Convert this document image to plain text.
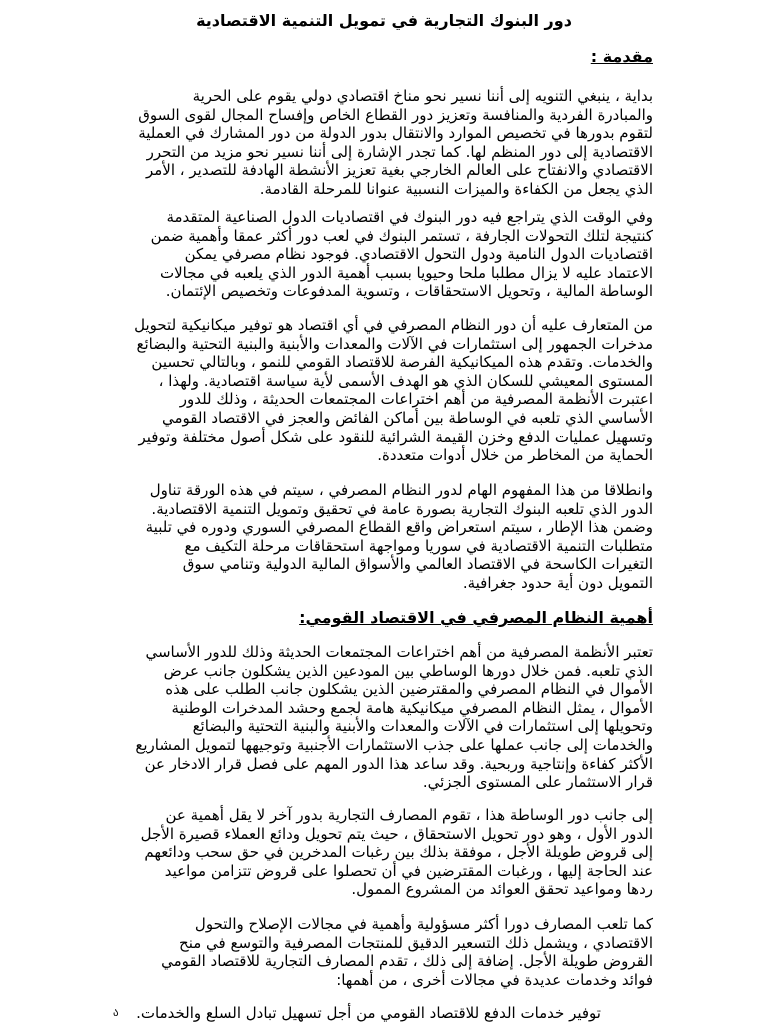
دور البنوك التجارية في تمويل التنمية الاقتصادية
مقدمة :
بداية ، ينبغي التنويه إلى أننا نسير نحو مناخ اقتصادي دولي يقوم على الحرية
والمبادرة الفردية والمنافسة وتعزيز دور القطاع الخاص وإفساح المجال لقوى السوق
لتقوم بدورها في تخصيص الموارد والانتقال بدور الدولة من دور المشارك في العملية
الاقتصادية إلى دور المنظم لها. كما تجدر الإشارة إلى أننا نسير نحو مزيد من التحرر
الاقتصادي والانفتاح على العالم الخارجي بغية تعزيز الأنشطة الهادفة للتصدير ، الأمر
الذي يجعل من الكفاءة والميزات النسبية عنوانا للمرحلة القادمة.
وفي الوقت الذي يتراجع فيه دور البنوك في اقتصاديات الدول الصناعية المتقدمة
كنتيجة لتلك التحولات الجارفة ، تستمر البنوك في لعب دور أكثر عمقا وأهمية ضمن
اقتصاديات الدول النامية ودول التحول الاقتصادي. فوجود نظام مصرفي يمكن
الاعتماد عليه لا يزال مطلبا ملحا وحيويا بسبب أهمية الدور الذي يلعبه في مجالات
الوساطة المالية ، وتحويل الاستحقاقات ، وتسوية المدفوعات وتخصيص الإئتمان.
من المتعارف عليه أن دور النظام المصرفي في أي اقتصاد هو توفير ميكانيكية لتحويل
مدخرات الجمهور إلى استثمارات في الآلات والمعدات والأبنية والبنية التحتية والبضائع
والخدمات. وتقدم هذه الميكانيكية الفرصة للاقتصاد القومي للنمو ، وبالتالي تحسين
المستوى المعيشي للسكان الذي هو الهدف الأسمى لأية سياسة اقتصادية. ولهذا ،
اعتبرت الأنظمة المصرفية من أهم اختراعات المجتمعات الحديثة ، وذلك للدور
الأساسي الذي تلعبه في الوساطة بين أماكن الفائض والعجز في الاقتصاد القومي
وتسهيل عمليات الدفع وخزن القيمة الشرائية للنقود على شكل أصول مختلفة وتوفير
الحماية من المخاطر من خلال أدوات متعددة.
وانطلاقا من هذا المفهوم الهام لدور النظام المصرفي ، سيتم في هذه الورقة تناول
الدور الذي تلعبه البنوك التجارية بصورة عامة في تحقيق وتمويل التنمية الاقتصادية.
وضمن هذا الإطار ، سيتم استعراض واقع القطاع المصرفي السوري ودوره في تلبية
متطلبات التنمية الاقتصادية في سوريا ومواجهة استحقاقات مرحلة التكيف مع
التغيرات الكاسحة في الاقتصاد العالمي والأسواق المالية الدولية وتنامي سوق
التمويل دون أية حدود جغرافية.
أهمية النظام المصرفي في الاقتصاد القومي:
تعتبر الأنظمة المصرفية من أهم اختراعات المجتمعات الحديثة وذلك للدور الأساسي
الذي تلعبه. فمن خلال دورها الوساطي بين المودعين الذين يشكلون جانب عرض
الأموال في النظام المصرفي والمقترضين الذين يشكلون جانب الطلب على هذه
الأموال ، يمثل النظام المصرفي ميكانيكية هامة لجمع وحشد المدخرات الوطنية
وتحويلها إلى استثمارات في الآلات والمعدات والأبنية والبنية التحتية والبضائع
والخدمات إلى جانب عملها على جذب الاستثمارات الأجنبية وتوجيهها لتمويل المشاريع
الأكثر كفاءة وإنتاجية وربحية. وقد ساعد هذا الدور المهم على فصل قرار الادخار عن
قرار الاستثمار على المستوى الجزئي.
إلى جانب دور الوساطة هذا ، تقوم المصارف التجارية بدور آخر لا يقل أهمية عن
الدور الأول ، وهو دور تحويل الاستحقاق ، حيث يتم تحويل ودائع العملاء قصيرة الأجل
إلى قروض طويلة الأجل ، موفقة بذلك بين رغبات المدخرين في حق سحب ودائعهم
عند الحاجة إليها ، ورغبات المقترضين في أن تحصلوا على قروض تتزامن مواعيد
ردها ومواعيد تحقق العوائد من المشروع الممول.
كما تلعب المصارف دورا أكثر مسؤولية وأهمية في مجالات الإصلاح والتحول
الاقتصادي ، ويشمل ذلك التسعير الدقيق للمنتجات المصرفية والتوسع في منح
القروض طويلة الأجل. إضافة إلى ذلك ، تقدم المصارف التجارية للاقتصاد القومي
فوائد وخدمات عديدة في مجالات أخرى ، من أهمها:
ა توفير خدمات الدفع للاقتصاد القومي من أجل تسهيل تبادل السلع والخدمات.
